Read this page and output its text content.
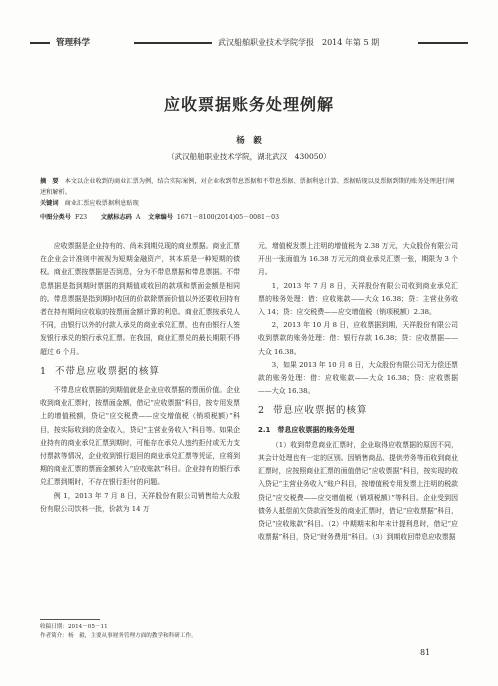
管理科学	武汉船舶职业技术学院学报　2014 年第 5 期
应收票据账务处理例解
杨　毅
（武汉船舶职业技术学院，湖北武汉　430050）
摘　要 本文以企业收到的商业汇票为例，结合实际案例，对企业收到带息票据和不带息票据、票据利息计算、票据贴现以及票据到期的账务处理进行阐述和解析。
关键词 商业汇票应收票据利息贴现
中图分类号 F23 文献标志码 A 文章编号 1671－8100(2014)05－0081－03

应收票据是企业持有的、尚未到期兑现的商业票据。商业汇票在企业会计准则中被视为短期金融资产，其本质是一种短期的债权。商业汇票按票据是否到息，分为不带息票据和带息票据。不带息票据是指到期时票据的到期值或收回的款项和票面金额是相同的。带息票据是指到期时收回的价款除票面价值以外还要收回持有者在持有期间应收取的按票面金额计算的利息。商业汇票按承兑人不同，由银行以外的付款人承兑的商业承兑汇票，也有由银行人签发银行承兑的银行承兑汇票。在我国，商业汇票兑的最长期限不得超过 6 个月。

1 不带息应收票据的核算

不带息应收票据的到期值就是企业应收票据的票面价值。企业收到商业汇票时，按票面金额，借记“应收票据”科目，按专用发票上的增值税额，贷记“应交税费——应交增值税（销项税额）”科目，按实际收到的货金收入，贷记“主营业务收入”科目等。如果企业持有的商业承兑汇票到期时，可能存在承兑人违约拒付或无力支付票款等情况，企业收到银行退回的商业承兑汇票等凭证，应将到期的商业汇票的票面金额转入“应收账款”科目。企业持有的银行承兑汇票到期时，不存在银行拒付的问题。

例 1，2013 年 7 月 8 日，天祥股份有限公司销售给大众股份有限公司饮料一批，价款为 14 万

元，增值税发票上注明的增值税为 2.38 万元，大众股份有限公司开出一张面值为 16.38 万元元的商业承兑汇票一张，期限为 3 个月。

1，2013 年 7 月 8 日，天祥股份有限公司收到商业承兑汇票的账务处理：借：应收账款——大众 16.38；贷：主营业务收入 14；贷：应交税费——应交增值税（销项税额）2.38。

2，2013 年 10 月 8 日，应收票据到期，天祥股份有限公司收到票款的账务处理：借：银行存款 16.38；贷：应收票据——大众 16.38。

3，如果 2013 年 10 月 8 日，大众股份有限公司无力偿还票款的账务处理：借：应收账款——大众 16.38；贷：应收票据——大众 16.38。

2 带息应收票据的核算
2.1　带息应收票据的账务处理

（1）收到带息商业汇票时，企业取得应收票据的原因不同，其会计处理也有一定的区别。因销售商品、提供劳务等而收到商业汇票时，应按照商业汇票的面值借记“应收票据”科目，按实现的收入贷记“主营业务收入”账户科目，按增值税专用发票上注明的税款贷记“应交税费——应交增值税（销项税额）”等科目。企业受到因债务人抵偿前欠贷款而签发的商业汇票时，借记“应收票据”科目，贷记“应收账款”科目。（2）中期期末和年末计提利息时，借记“应收票据”科目，贷记“财务费用”科目。（3）到期收回带息应收票据

收稿日期：2014－05－11
作者简介：杨　毅，主要从事财务管理方面的教学和科研工作。
81
